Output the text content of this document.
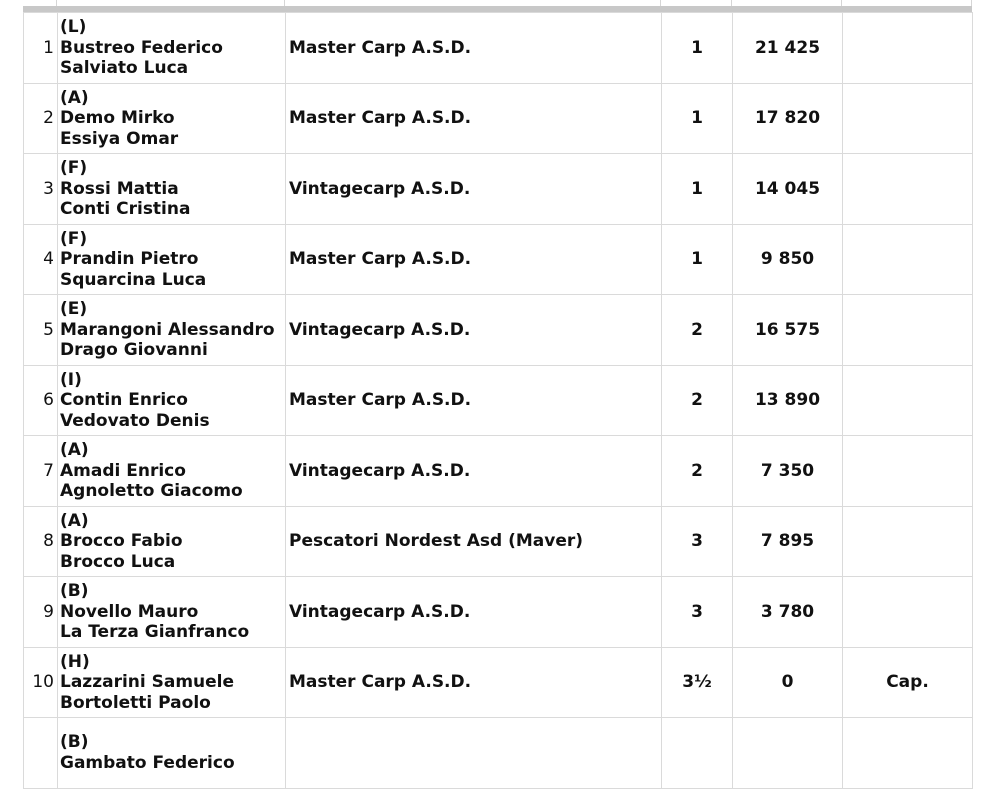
1	(L)
Bustreo Federico
Salviato Luca	Master Carp A.S.D.	1	21 425	
2	(A)
Demo Mirko
Essiya Omar	Master Carp A.S.D.	1	17 820	
3	(F)
Rossi Mattia
Conti Cristina	Vintagecarp A.S.D.	1	14 045	
4	(F)
Prandin Pietro
Squarcina Luca	Master Carp A.S.D.	1	9 850	
5	(E)
Marangoni Alessandro
Drago Giovanni	Vintagecarp A.S.D.	2	16 575	
6	(I)
Contin Enrico
Vedovato Denis	Master Carp A.S.D.	2	13 890	
7	(A)
Amadi Enrico
Agnoletto Giacomo	Vintagecarp A.S.D.	2	7 350	
8	(A)
Brocco Fabio
Brocco Luca	Pescatori Nordest Asd (Maver)	3	7 895	
9	(B)
Novello Mauro
La Terza Gianfranco	Vintagecarp A.S.D.	3	3 780	
10	(H)
Lazzarini Samuele
Bortoletti Paolo	Master Carp A.S.D.	3½	0	Cap.

	(B)
Gambato Federico				
